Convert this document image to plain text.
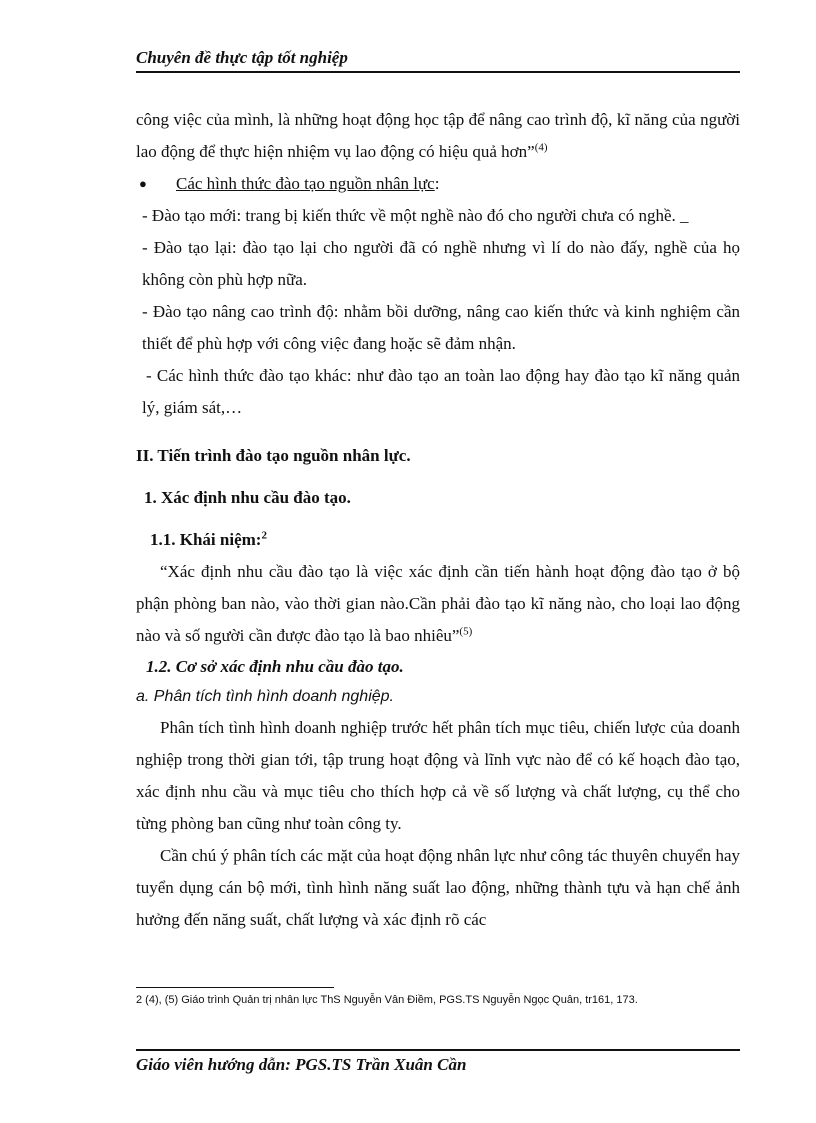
Chuyên đề thực tập tốt nghiệp

công việc của mình, là những hoạt động học tập để nâng cao trình độ, kĩ năng của người lao động để thực hiện nhiệm vụ lao động có hiệu quả hơn”$^{(4)}$

● Các hình thức đào tạo nguồn nhân lực:

- Đào tạo mới: trang bị kiến thức về một nghề nào đó cho người chưa có nghề. _

- Đào tạo lại: đào tạo lại cho người đã có nghề nhưng vì lí do nào đấy, nghề của họ không còn phù hợp nữa.

- Đào tạo nâng cao trình độ: nhằm bồi dưỡng, nâng cao kiến thức và kinh nghiệm cần thiết để phù hợp với công việc đang hoặc sẽ đảm nhận.

- Các hình thức đào tạo khác: như đào tạo an toàn lao động hay đào tạo kĩ năng quản lý, giám sát,…

II. Tiến trình đào tạo nguồn nhân lực.

1. Xác định nhu cầu đào tạo.

1.1. Khái niệm:$^2$

“Xác định nhu cầu đào tạo là việc xác định cần tiến hành hoạt động đào tạo ở bộ phận phòng ban nào, vào thời gian nào.Cần phải đào tạo kĩ năng nào, cho loại lao động nào và số người cần được đào tạo là bao nhiêu”$^{(5)}$

1.2. Cơ sở xác định nhu cầu đào tạo.

a. Phân tích tình hình doanh nghiệp.

Phân tích tình hình doanh nghiệp trước hết phân tích mục tiêu, chiến lược của doanh nghiệp trong thời gian tới, tập trung hoạt động và lĩnh vực nào để có kế hoạch đào tạo, xác định nhu cầu và mục tiêu cho thích hợp cả về số lượng và chất lượng, cụ thể cho từng phòng ban cũng như toàn công ty.

Cần chú ý phân tích các mặt của hoạt động nhân lực như công tác thuyên chuyển hay tuyển dụng cán bộ mới, tình hình năng suất lao động, những thành tựu và hạn chế ảnh hưởng đến năng suất, chất lượng và xác định rõ các

2 (4), (5) Giáo trình Quản trị nhân lực ThS Nguyễn Vân Điềm, PGS.TS Nguyễn Ngọc Quân, tr161, 173.
Giáo viên hướng dẫn: PGS.TS Trần Xuân Cần
